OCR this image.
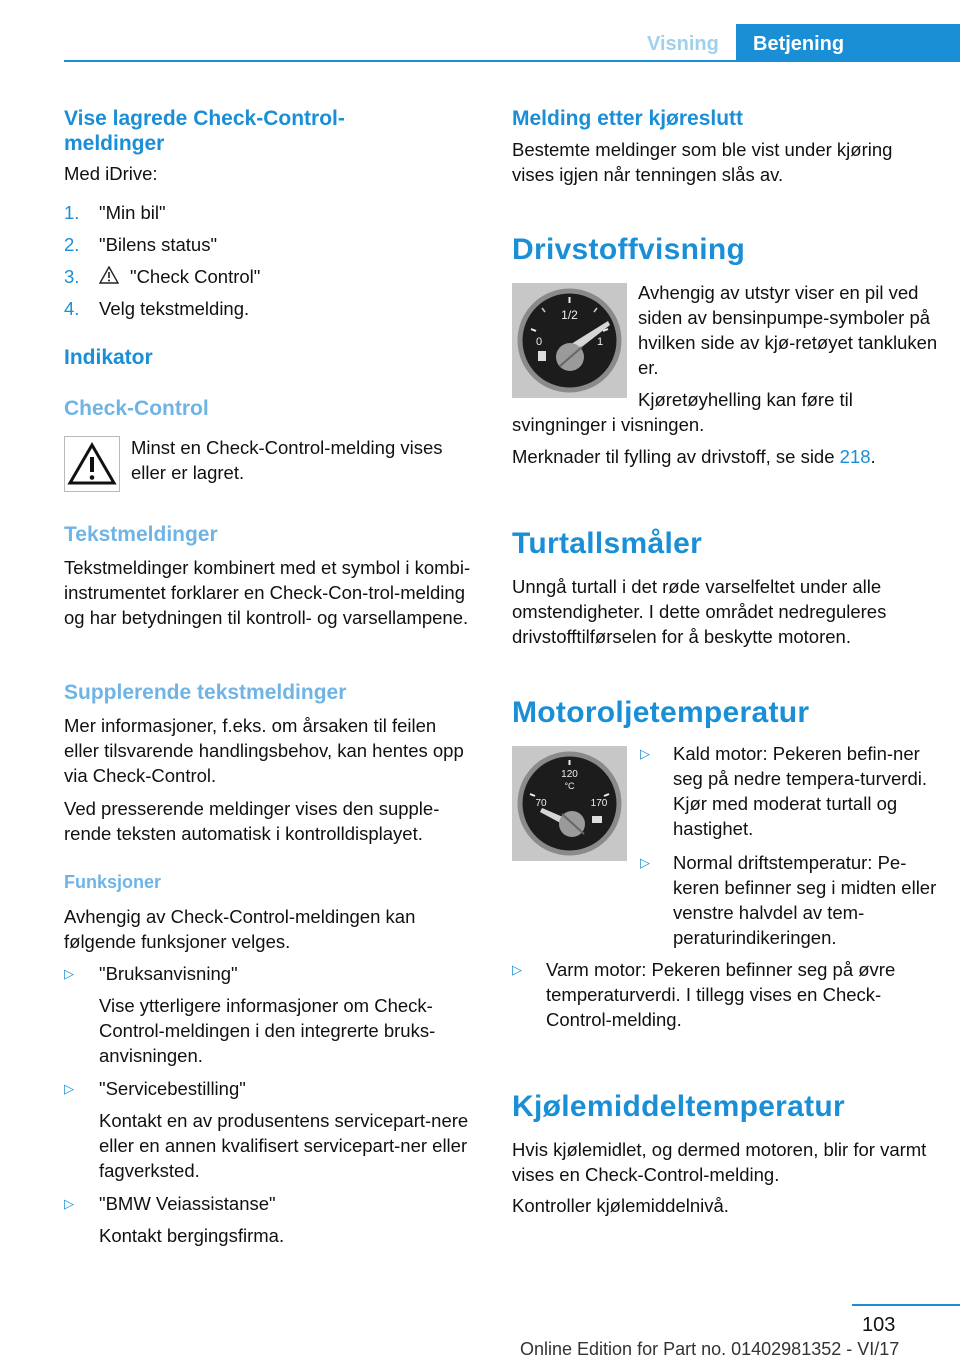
Visning	Betjening
Vise lagrede Check-Control-meldinger
Med iDrive:
1. "Min bil"
2. "Bilens status"
3.	"Check Control"
4. Velg tekstmelding.
Indikator
Check-Control
Minst en Check-Control-melding vises eller er lagret.
Tekstmeldinger
Tekstmeldinger kombinert med et symbol i kombi-instrumentet forklarer en Check-Con-trol-melding og har betydningen til kontroll- og varsellampene.
Supplerende tekstmeldinger
Mer informasjoner, f.eks. om årsaken til feilen eller tilsvarende handlingsbehov, kan hentes opp via Check-Control.
Ved presserende meldinger vises den supple-rende teksten automatisk i kontrolldisplayet.
Funksjoner
Avhengig av Check-Control-meldingen kan følgende funksjoner velges.
▷ "Bruksanvisning"
Vise ytterligere informasjoner om Check-Control-meldingen i den integrerte bruks-anvisningen.
▷ "Servicebestilling"
Kontakt en av produsentens servicepart-nere eller en annen kvalifisert servicepart-ner eller fagverksted.
▷ "BMW Veiassistanse"
Kontakt bergingsfirma.
Melding etter kjøreslutt
Bestemte meldinger som ble vist under kjøring vises igjen når tenningen slås av.
Drivstoffvisning
1/2
0	1
Avhengig av utstyr viser en pil ved siden av bensinpumpe-symboler på hvilken side av kjø-retøyet tankluken er.
Kjøretøyhelling kan føre til
svingninger i visningen.
Merknader til fylling av drivstoff, se side 218.
Turtallsmåler
Unngå turtall i det røde varselfeltet under alle omstendigheter. I dette området nedreguleres drivstofftilførselen for å beskytte motoren.
Motoroljetemperatur
120
°C
70	170
▷ Kald motor: Pekeren befin-ner seg på nedre tempera-turverdi. Kjør med moderat turtall og hastighet.
▷ Normal driftstemperatur: Pe-keren befinner seg i midten eller venstre halvdel av tem-peraturindikeringen.
▷ Varm motor: Pekeren befinner seg på øvre temperaturverdi. I tillegg vises en Check-Control-melding.
Kjølemiddeltemperatur
Hvis kjølemidlet, og dermed motoren, blir for varmt vises en Check-Control-melding.
Kontroller kjølemiddelnivå.
103
Online Edition for Part no. 01402981352 - VI/17
